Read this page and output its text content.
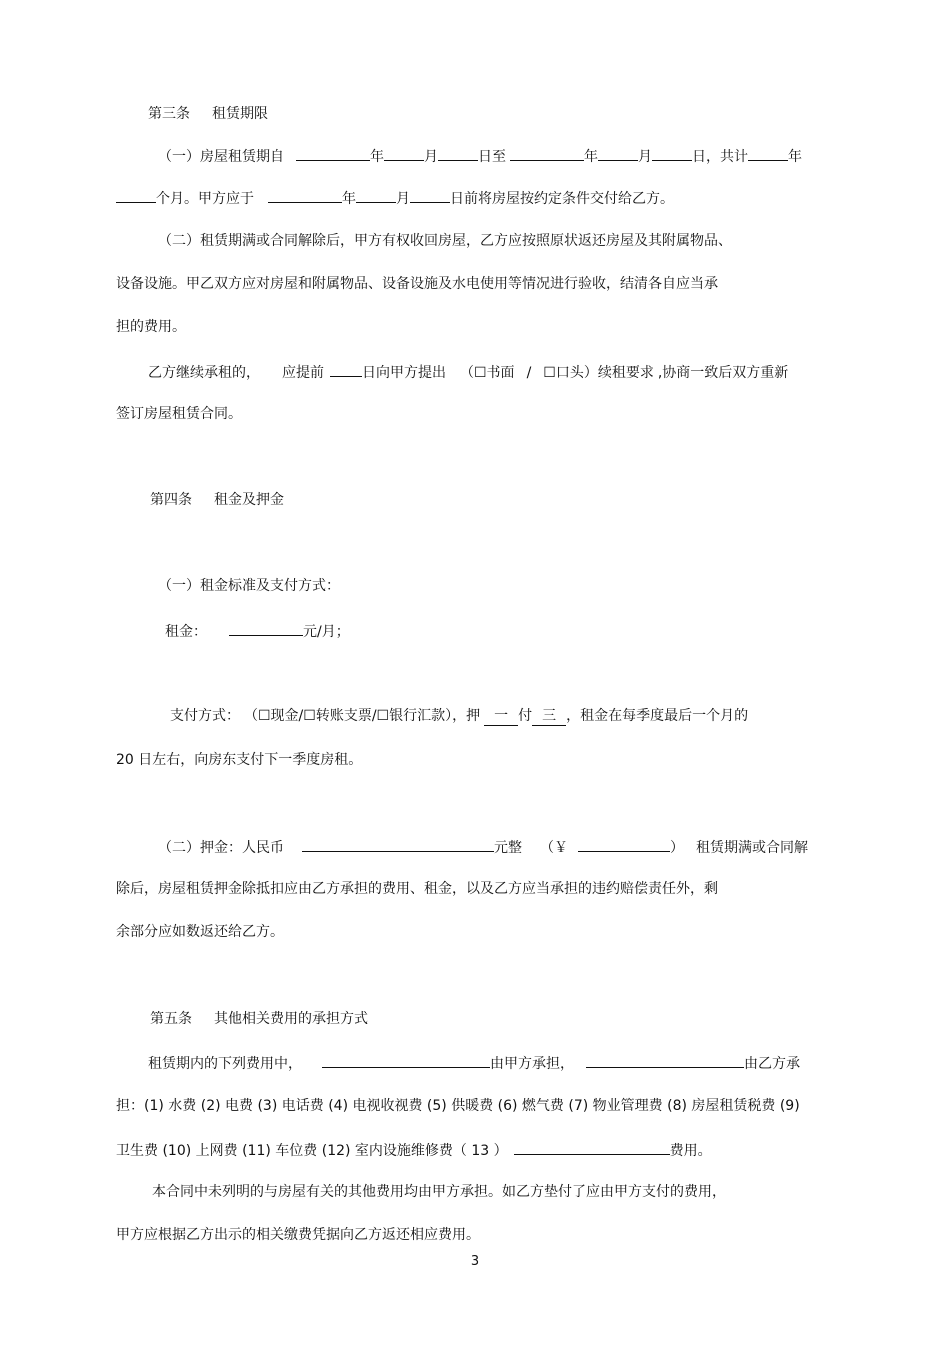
第三条 租赁期限
（一）房屋租赁期自	年	月	日至	年	月	日，共计	年
个月。甲方应于	年	月	日前将房屋按约定条件交付给乙方。
（二）租赁期满或合同解除后，甲方有权收回房屋，乙方应按照原状返还房屋及其附属物品、
设备设施。甲乙双方应对房屋和附属物品、设备设施及水电使用等情况进行验收，结清各自应当承
担的费用。
乙方继续承租的， 应提前	日向甲方提出 （☐书面 / ☐口头）续租要求 ,协商一致后双方重新
签订房屋租赁合同。
第四条 租金及押金
（一）租金标准及支付方式：
租金：	元/月；
支付方式： （☐现金/☐转账支票/☐银行汇款），押 一 付 三 ，租金在每季度最后一个月的
20 日左右，向房东支付下一季度房租。
（二）押金：人民币	元整 （￥	） 租赁期满或合同解
除后，房屋租赁押金除抵扣应由乙方承担的费用、租金，以及乙方应当承担的违约赔偿责任外，剩
余部分应如数返还给乙方。
第五条 其他相关费用的承担方式
租赁期内的下列费用中，	由甲方承担，	由乙方承
担：(1) 水费 (2) 电费 (3) 电话费 (4) 电视收视费 (5) 供暖费 (6) 燃气费 (7) 物业管理费 (8) 房屋租赁税费 (9)
卫生费 (10) 上网费 (11) 车位费 (12) 室内设施维修费（ 13 ）	费用。
本合同中未列明的与房屋有关的其他费用均由甲方承担。如乙方垫付了应由甲方支付的费用，
甲方应根据乙方出示的相关缴费凭据向乙方返还相应费用。
3
